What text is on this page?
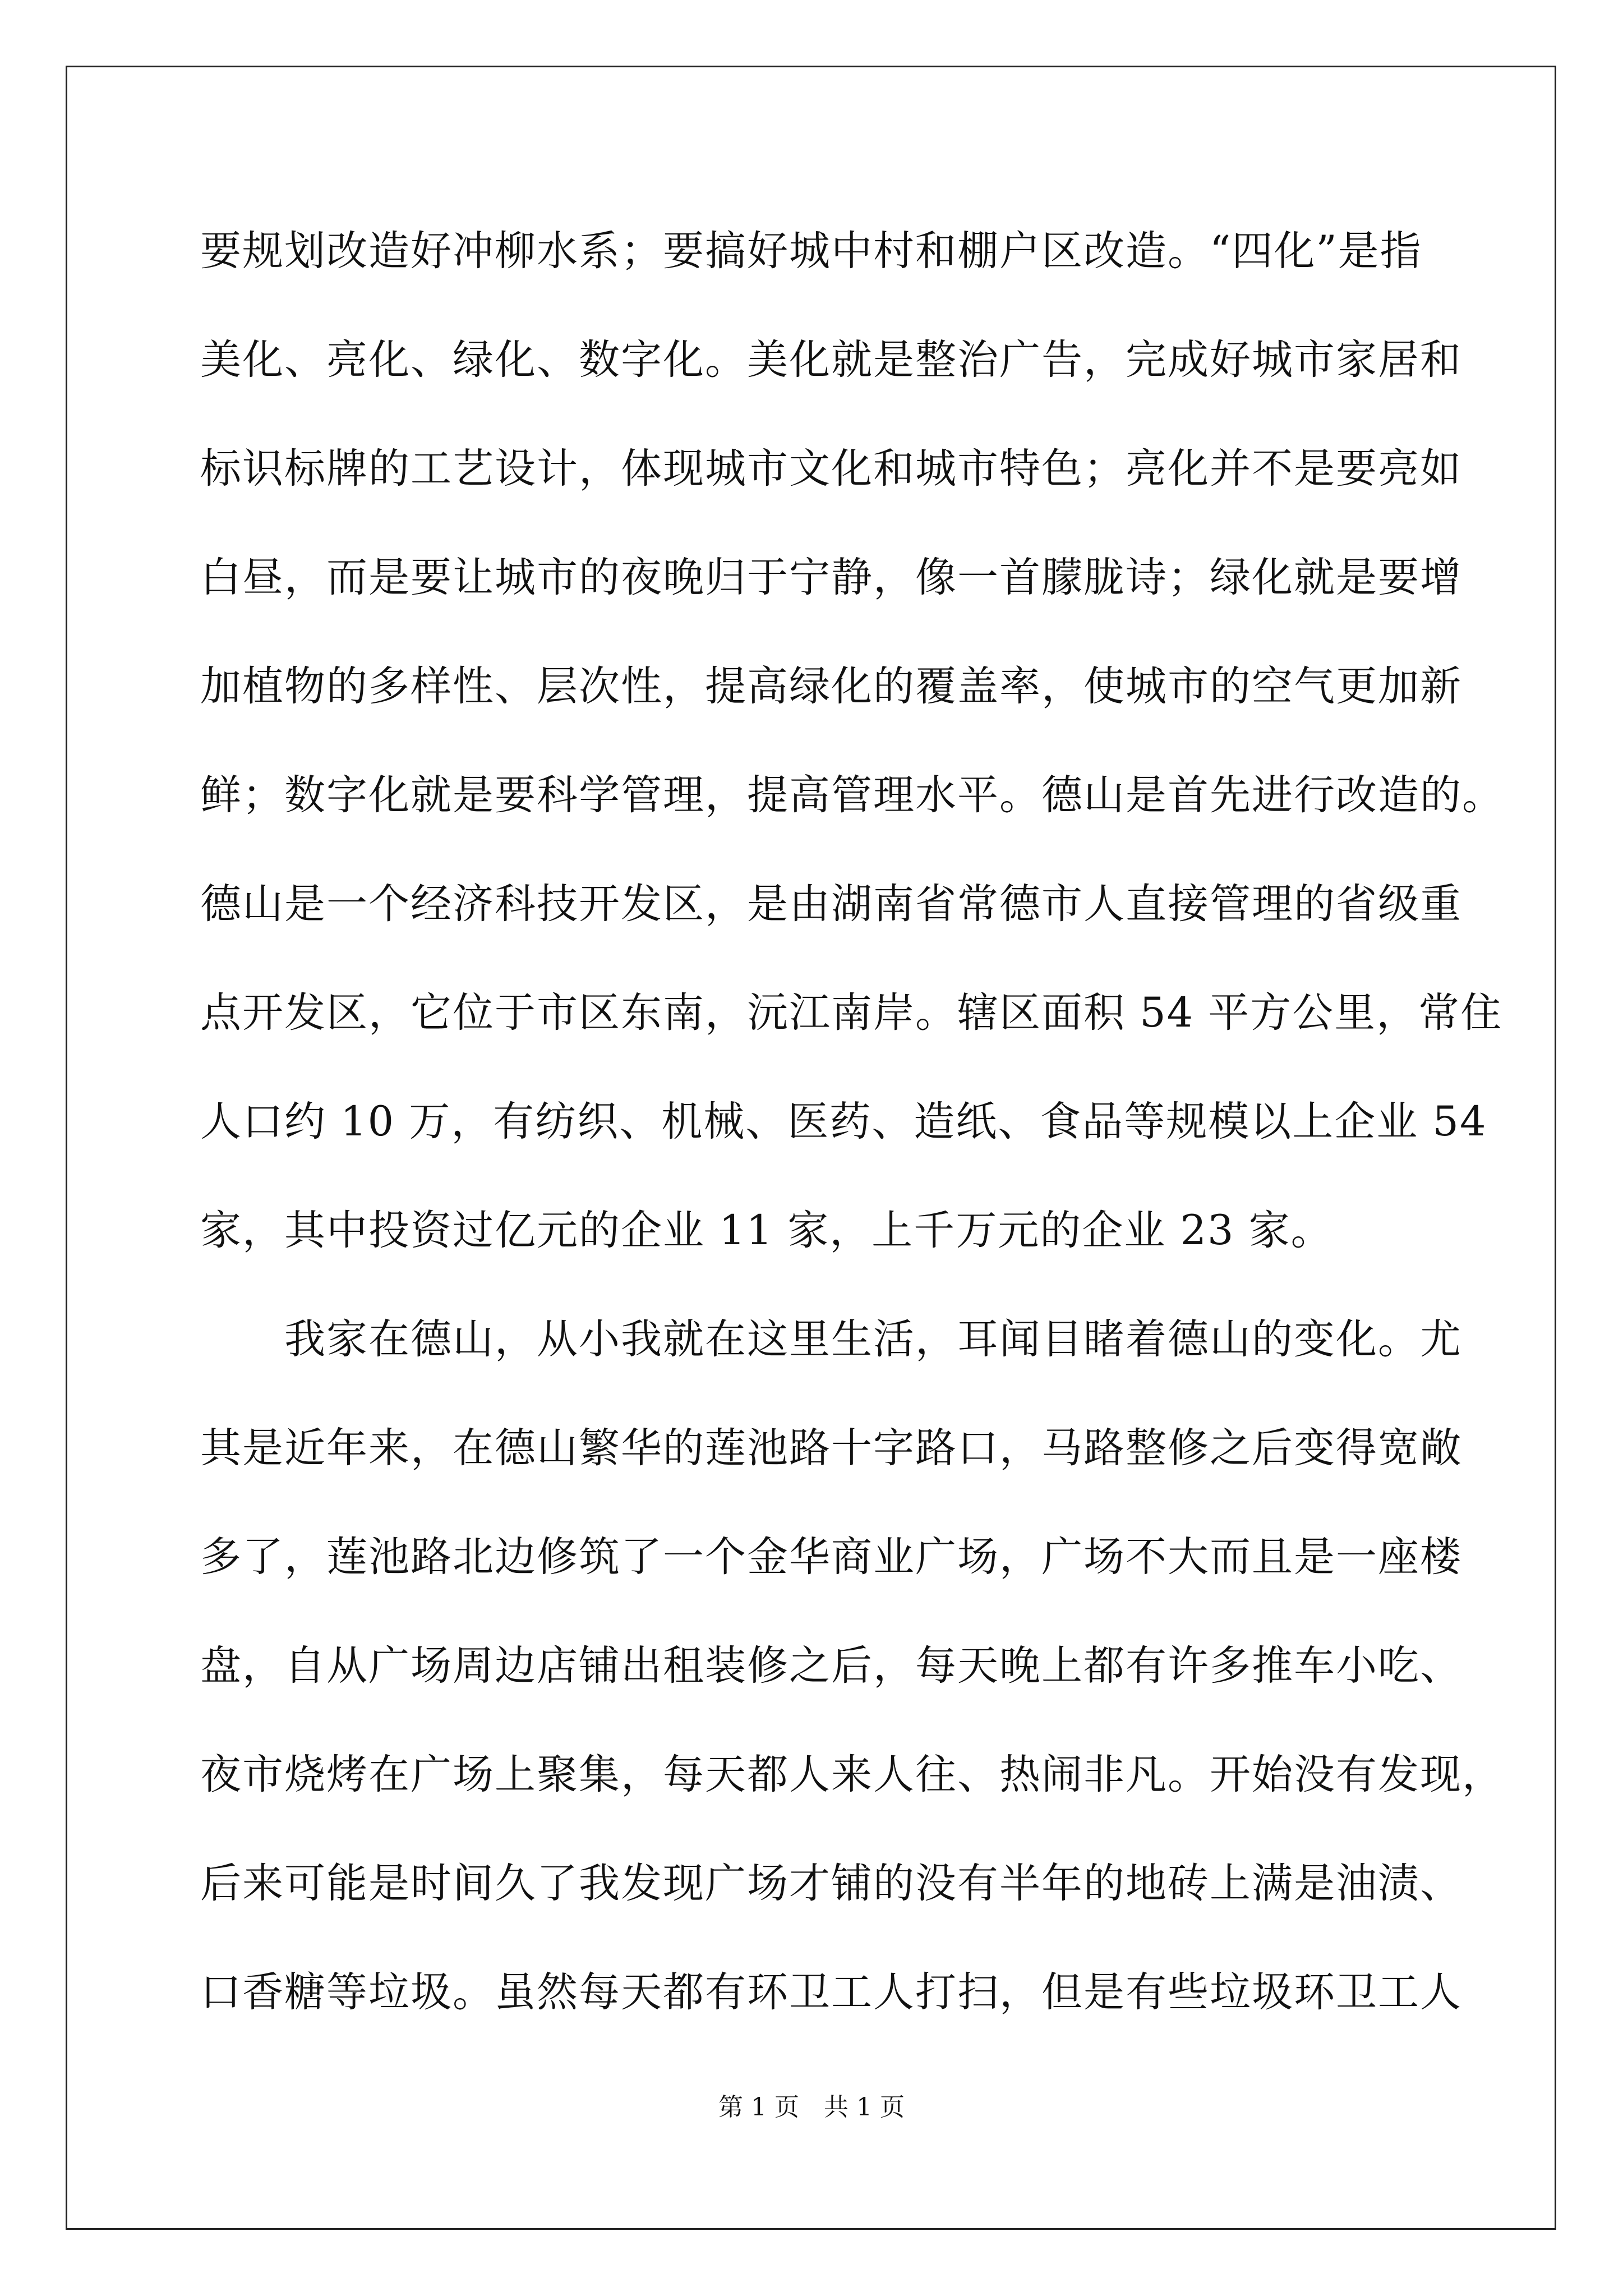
要规划改造好冲柳水系；要搞好城中村和棚户区改造。“四化”是指
美化、亮化、绿化、数字化。美化就是整治广告，完成好城市家居和
标识标牌的工艺设计，体现城市文化和城市特色；亮化并不是要亮如
白昼，而是要让城市的夜晚归于宁静，像一首朦胧诗；绿化就是要增
加植物的多样性、层次性，提高绿化的覆盖率，使城市的空气更加新
鲜；数字化就是要科学管理，提高管理水平。德山是首先进行改造的。
德山是一个经济科技开发区，是由湖南省常德市人直接管理的省级重
点开发区，它位于市区东南，沅江南岸。辖区面积 54 平方公里，常住
人口约 10 万，有纺织、机械、医药、造纸、食品等规模以上企业 54
家，其中投资过亿元的企业 11 家，上千万元的企业 23 家。
我家在德山，从小我就在这里生活，耳闻目睹着德山的变化。尤
其是近年来，在德山繁华的莲池路十字路口，马路整修之后变得宽敞
多了，莲池路北边修筑了一个金华商业广场，广场不大而且是一座楼
盘，自从广场周边店铺出租装修之后，每天晚上都有许多推车小吃、
夜市烧烤在广场上聚集，每天都人来人往、热闹非凡。开始没有发现，
后来可能是时间久了我发现广场才铺的没有半年的地砖上满是油渍、
口香糖等垃圾。虽然每天都有环卫工人打扫，但是有些垃圾环卫工人
第 1 页　共 1 页
